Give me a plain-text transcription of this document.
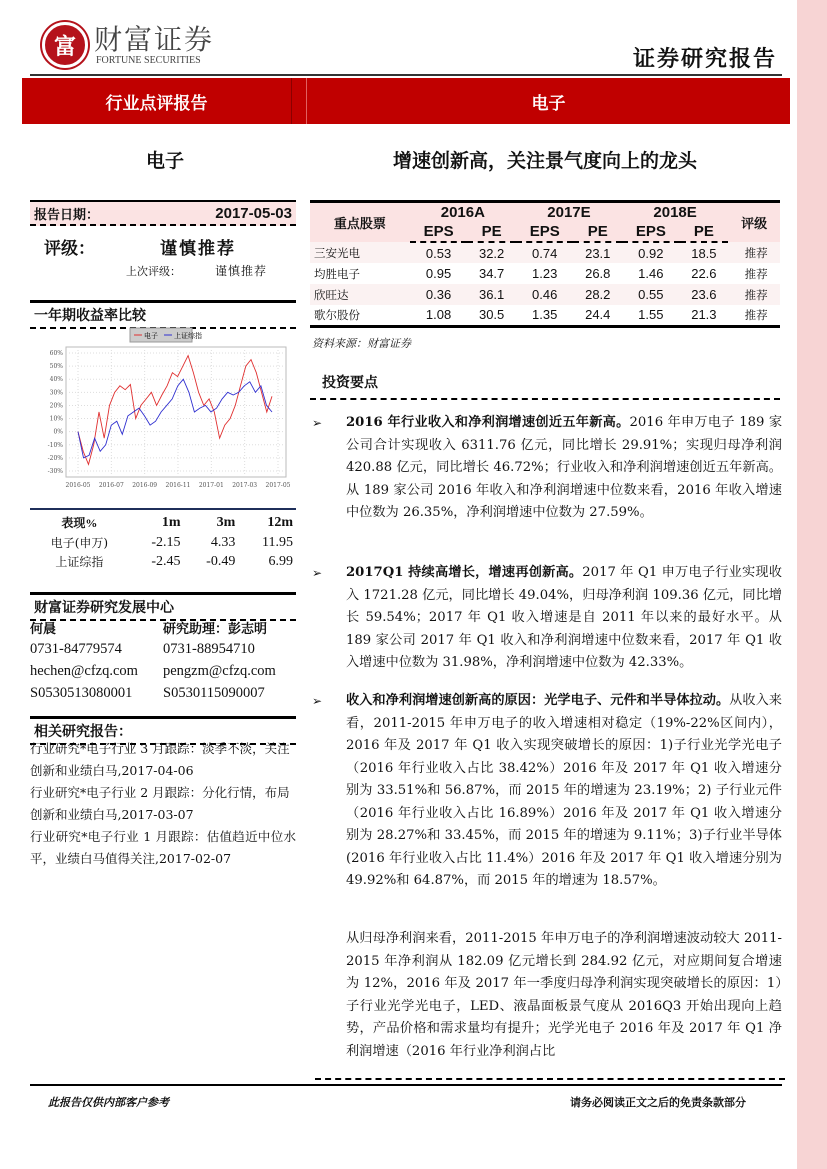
富 财富证券
FORTUNE SECURITIES	证券研究报告
行业点评报告	电子
电子	增速创新高，关注景气度向上的龙头
报告日期：	2017-05-03
评级：	谨慎推荐
上次评级：	谨慎推荐
一年期收益率比较
电子 上证综指
60%
50%
40%
30%
20%
10%
0%
-10%
-20%
-30%
2016-05 2016-07 2016-09 2016-11 2017-01 2017-03 2017-05
表现%	1m	3m	12m
电子(申万)	-2.15	4.33	11.95
上证综指	-2.45	-0.49	6.99
财富证券研究发展中心
何晨	研究助理：彭志明
0731-84779574	0731-88954710
hechen@cfzq.com	pengzm@cfzq.com
S0530513080001	S0530115090007
相关研究报告：
行业研究*电子行业 3 月跟踪：淡季不淡，关注创新和业绩白马,2017-04-06
行业研究*电子行业 2 月跟踪：分化行情，布局创新和业绩白马,2017-03-07
行业研究*电子行业 1 月跟踪：估值趋近中位水平，业绩白马值得关注,2017-02-07
重点股票	2016A		2017E		2018E		评级
	EPS	PE	EPS	PE	EPS	PE	
三安光电	0.53	32.2	0.74	23.1	0.92	18.5	推荐
均胜电子	0.95	34.7	1.23	26.8	1.46	22.6	推荐
欣旺达	0.36	36.1	0.46	28.2	0.55	23.6	推荐
歌尔股份	1.08	30.5	1.35	24.4	1.55	21.3	推荐
资料来源：财富证券
投资要点
➢ 2016 年行业收入和净利润增速创近五年新高。2016 年申万电子 189 家公司合计实现收入 6311.76 亿元，同比增长 29.91%；实现归母净利润 420.88 亿元，同比增长 46.72%；行业收入和净利润增速创近五年新高。从 189 家公司 2016 年收入和净利润增速中位数来看，2016 年收入增速中位数为 26.35%，净利润增速中位数为 27.59%。
➢ 2017Q1 持续高增长，增速再创新高。2017 年 Q1 申万电子行业实现收入 1721.28 亿元，同比增长 49.04%，归母净利润 109.36 亿元，同比增长 59.54%；2017 年 Q1 收入增速是自 2011 年以来的最好水平。从 189 家公司 2017 年 Q1 收入和净利润增速中位数来看，2017 年 Q1 收入增速中位数为 31.98%，净利润增速中位数为 42.33%。
➢ 收入和净利润增速创新高的原因：光学电子、元件和半导体拉动。从收入来看，2011-2015 年申万电子的收入增速相对稳定（19%-22%区间内），2016 年及 2017 年 Q1 收入实现突破增长的原因：1)子行业光学光电子（2016 年行业收入占比 38.42%）2016 年及 2017 年 Q1 收入增速分别为 33.51%和 56.87%，而 2015 年的增速为 23.19%；2) 子行业元件（2016 年行业收入占比 16.89%）2016 年及 2017 年 Q1 收入增速分别为 28.27%和 33.45%，而 2015 年的增速为 9.11%；3)子行业半导体(2016 年行业收入占比 11.4%）2016 年及 2017 年 Q1 收入增速分别为 49.92%和 64.87%，而 2015 年的增速为 18.57%。
从归母净利润来看，2011-2015 年申万电子的净利润增速波动较大 2011-2015 年净利润从 182.09 亿元增长到 284.92 亿元，对应期间复合增速为 12%，2016 年及 2017 年一季度归母净利润实现突破增长的原因：1）子行业光学光电子，LED、液晶面板景气度从 2016Q3 开始出现向上趋势，产品价格和需求量均有提升；光学光电子 2016 年及 2017 年 Q1 净利润增速（2016 年行业净利润占比
此报告仅供内部客户参考	请务必阅读正文之后的免责条款部分
